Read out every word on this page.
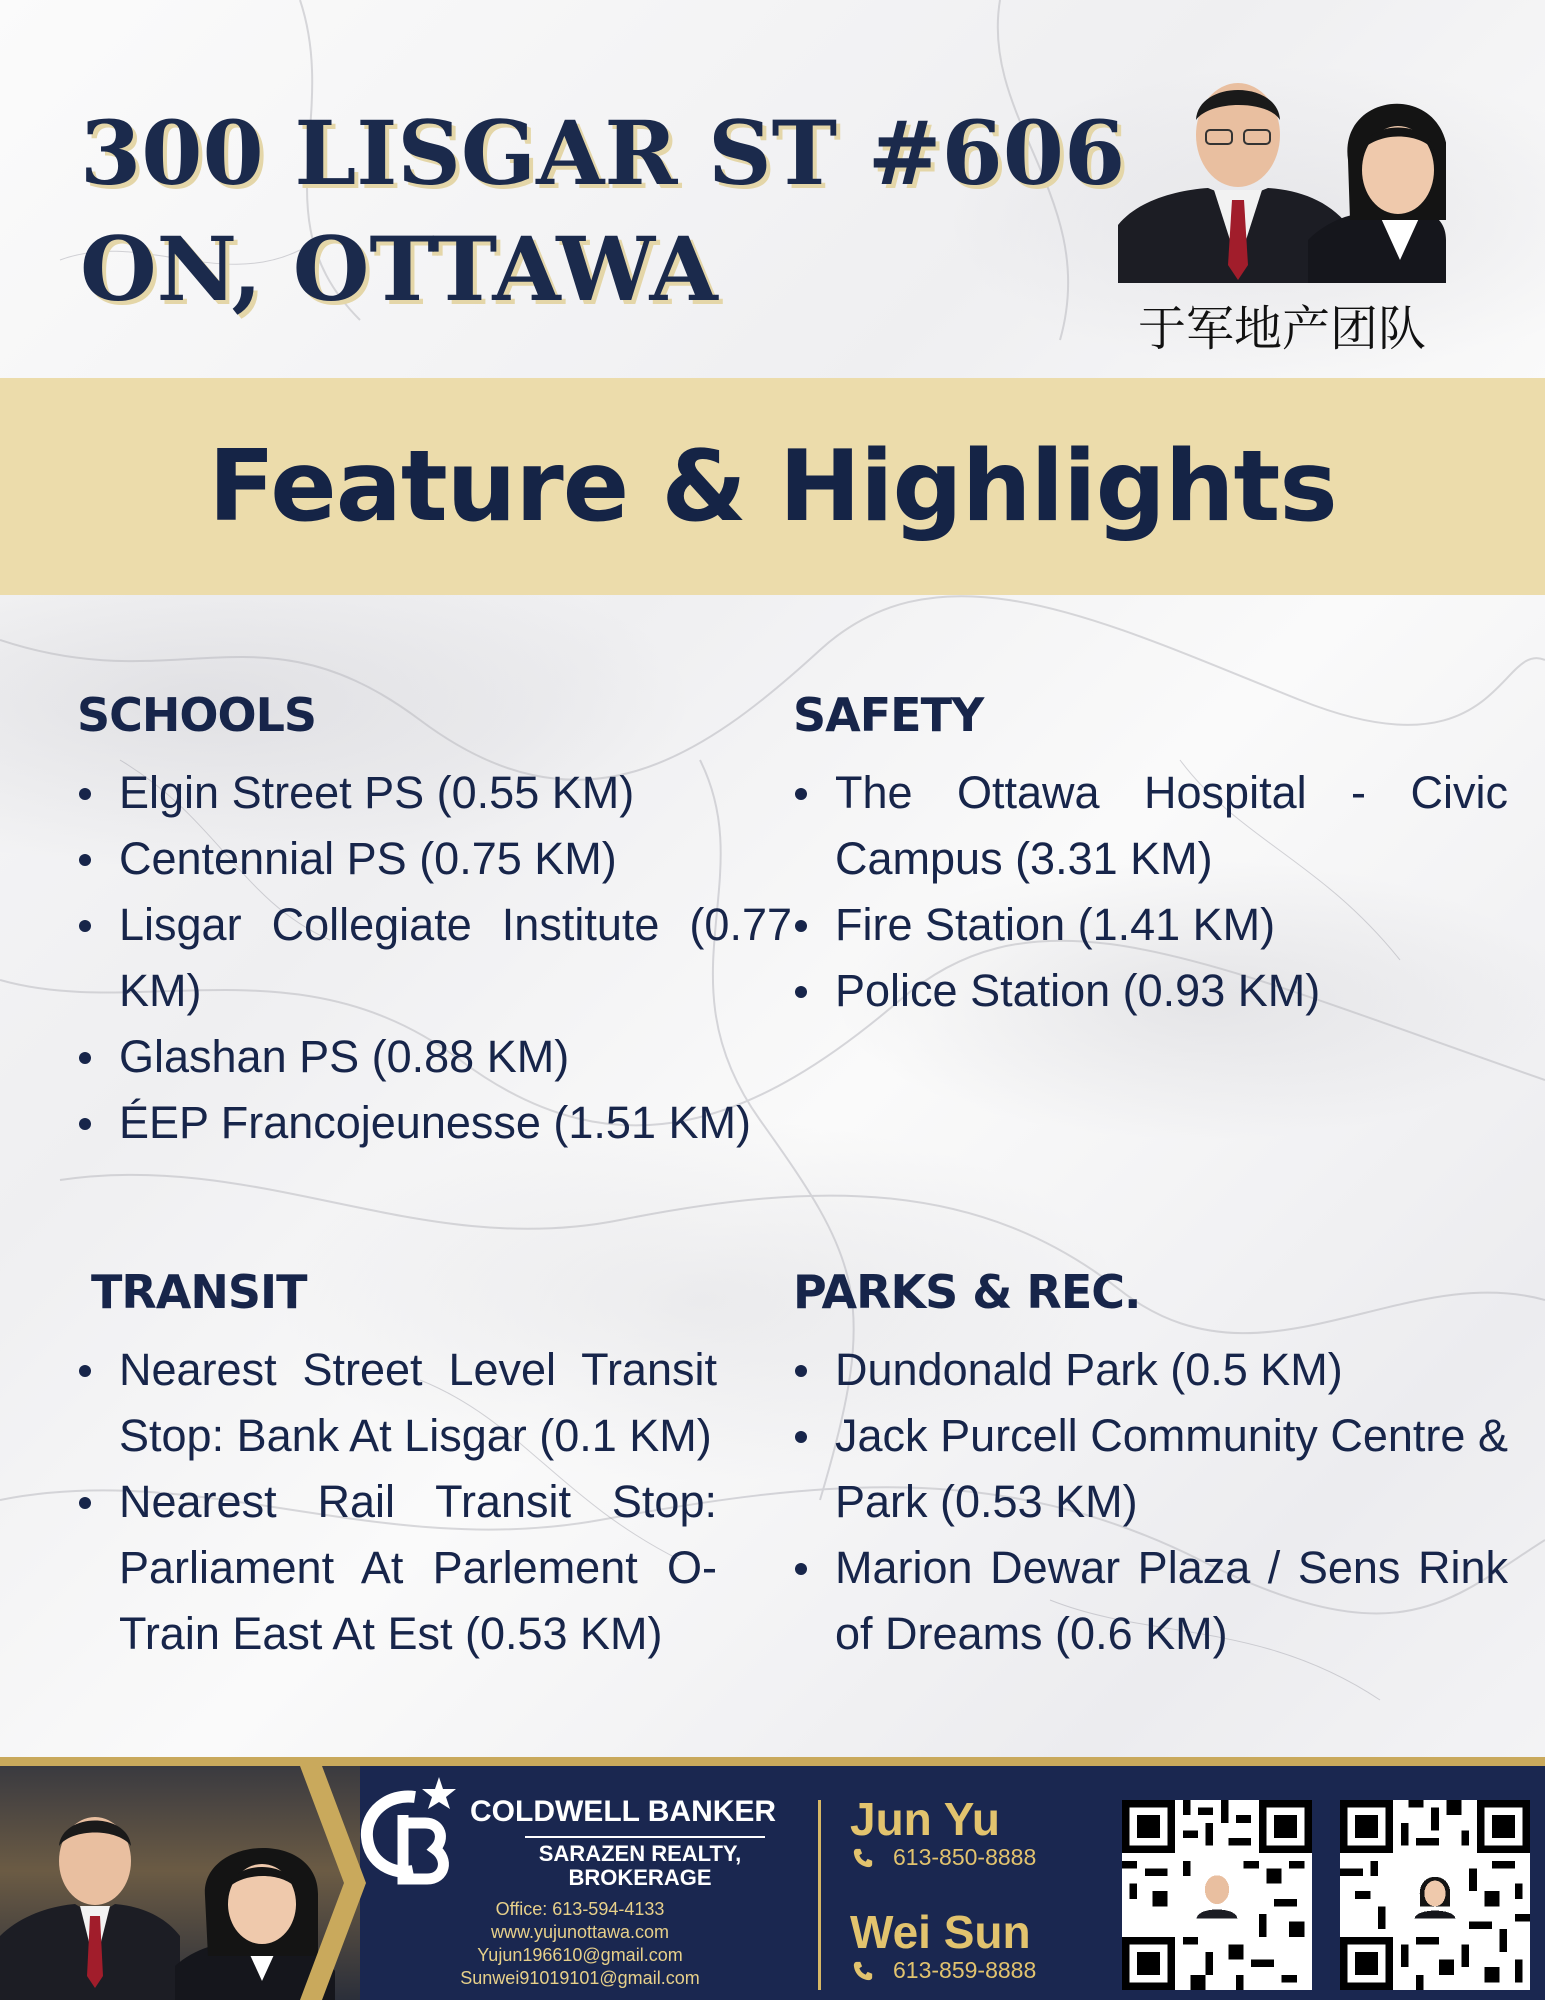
300 LISGAR ST #606
ON, OTTAWA
于军地产团队
Feature & Highlights
SCHOOLS
Elgin Street PS (0.55 KM)
Centennial PS (0.75 KM)
Lisgar Collegiate Institute (0.77 KM)
Glashan PS (0.88 KM)
ÉEP Francojeunesse (1.51 KM)
SAFETY
The Ottawa Hospital - Civic Campus (3.31 KM)
Fire Station (1.41 KM)
Police Station (0.93 KM)
TRANSIT
Nearest Street Level Transit Stop: Bank At Lisgar (0.1 KM)
Nearest Rail Transit Stop: Parliament At Parlement O-Train East At Est (0.53 KM)
PARKS & REC.
Dundonald Park (0.5 KM)
Jack Purcell Community Centre & Park (0.53 KM)
Marion Dewar Plaza / Sens Rink of Dreams (0.6 KM)
COLDWELL BANKER
SARAZEN REALTY,
BROKERAGE
Office: 613-594-4133
www.yujunottawa.com
Yujun196610@gmail.com
Sunwei91019101@gmail.com
Jun Yu
613-850-8888
Wei Sun
613-859-8888
